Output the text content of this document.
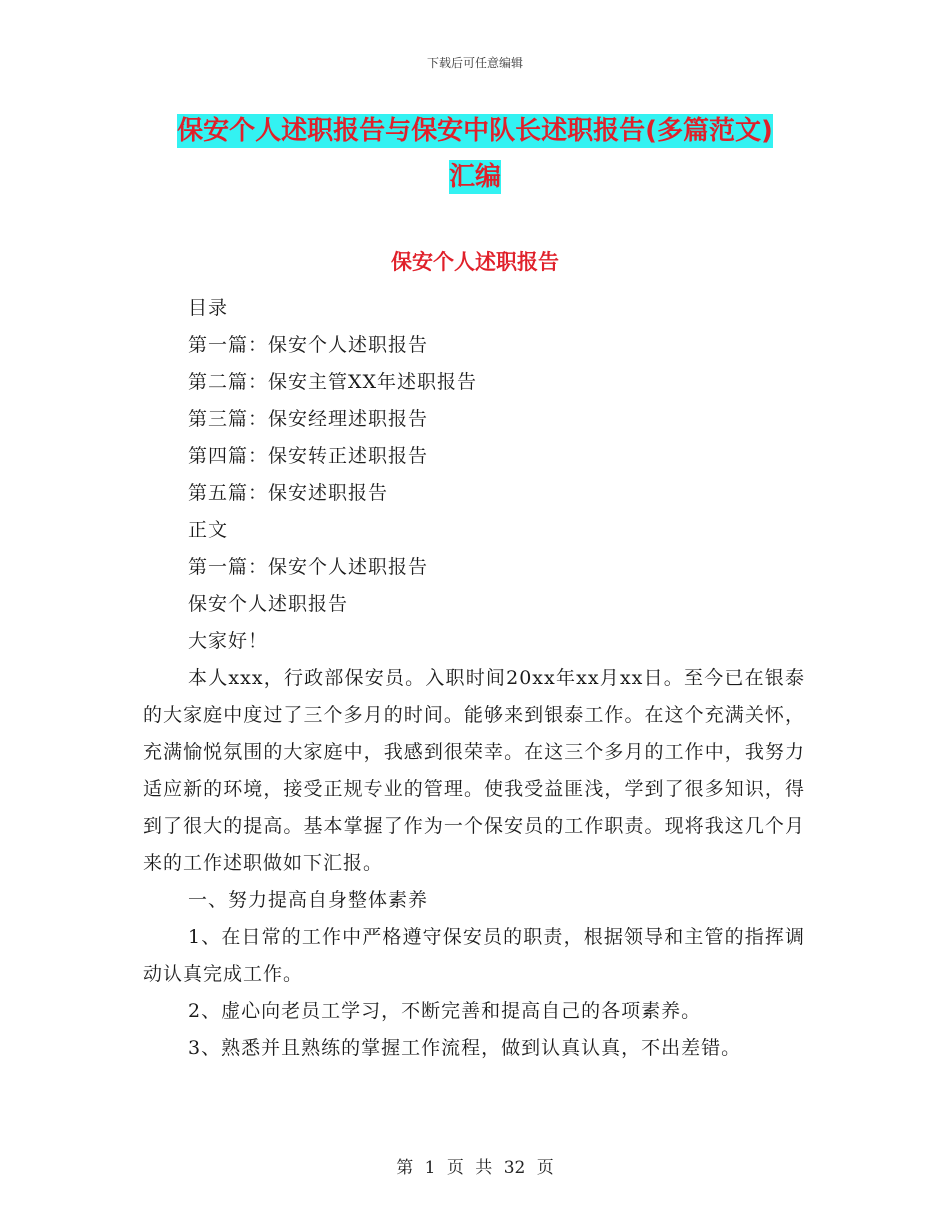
下载后可任意编辑
保安个人述职报告与保安中队长述职报告(多篇范文)
汇编
保安个人述职报告

目录

第一篇：保安个人述职报告

第二篇：保安主管XX年述职报告

第三篇：保安经理述职报告

第四篇：保安转正述职报告

第五篇：保安述职报告

正文

第一篇：保安个人述职报告

保安个人述职报告

大家好！

本人xxx，行政部保安员。入职时间20xx年xx月xx日。至今已在银泰的大家庭中度过了三个多月的时间。能够来到银泰工作。在这个充满关怀，充满愉悦氛围的大家庭中，我感到很荣幸。在这三个多月的工作中，我努力适应新的环境，接受正规专业的管理。使我受益匪浅，学到了很多知识，得到了很大的提高。基本掌握了作为一个保安员的工作职责。现将我这几个月来的工作述职做如下汇报。

一、努力提高自身整体素养

1、在日常的工作中严格遵守保安员的职责，根据领导和主管的指挥调动认真完成工作。

2、虚心向老员工学习，不断完善和提高自己的各项素养。

3、熟悉并且熟练的掌握工作流程，做到认真认真，不出差错。

第 1 页 共 32 页
